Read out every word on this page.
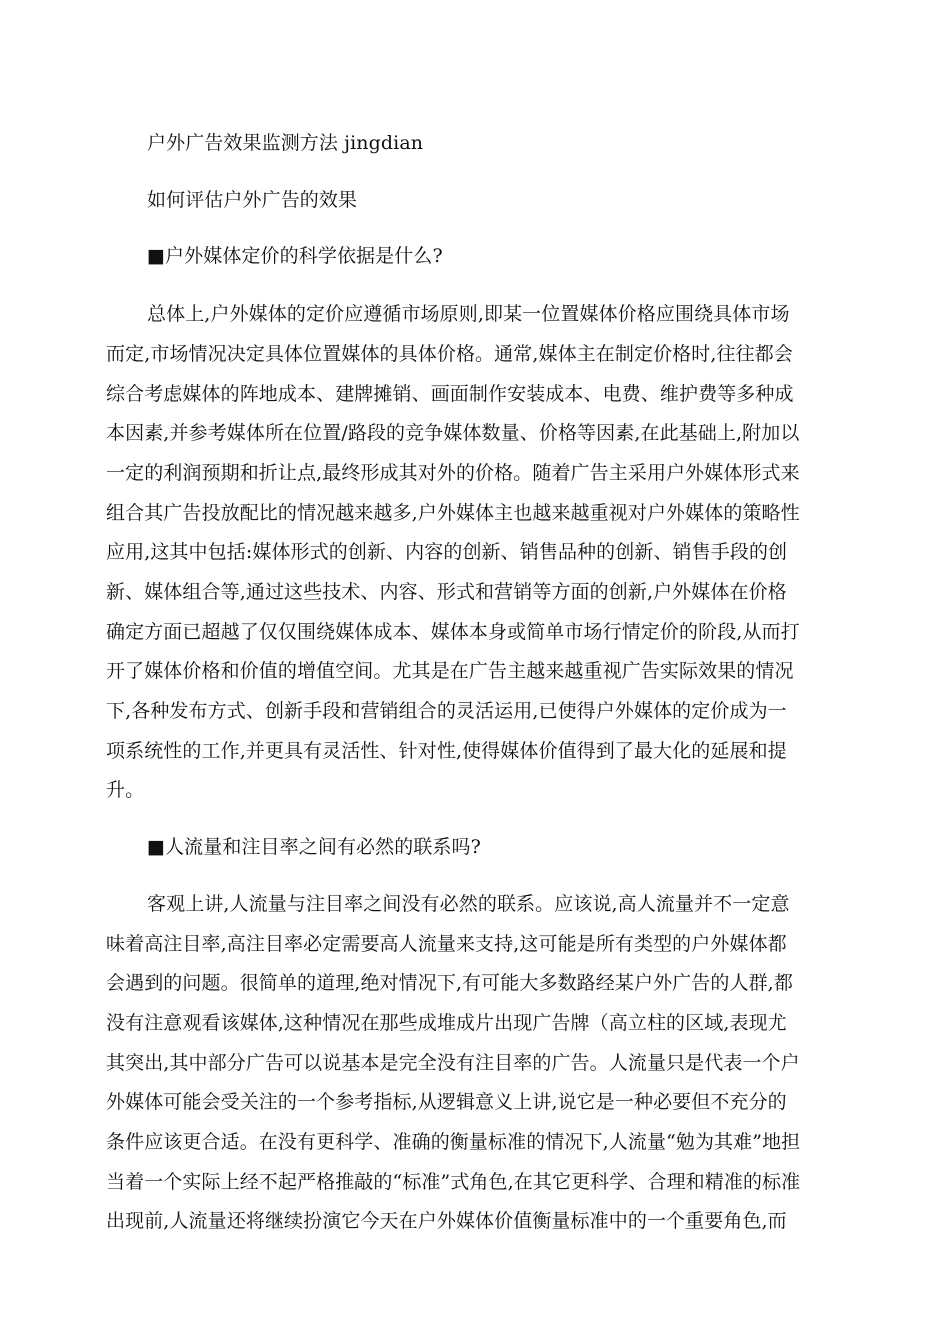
户外广告效果监测方法 jingdian
如何评估户外广告的效果
■户外媒体定价的科学依据是什么?
总体上,户外媒体的定价应遵循市场原则,即某一位置媒体价格应围绕具体市场
而定,市场情况决定具体位置媒体的具体价格。通常,媒体主在制定价格时,往往都会
综合考虑媒体的阵地成本、建牌摊销、画面制作安装成本、电费、维护费等多种成
本因素,并参考媒体所在位置/路段的竞争媒体数量、价格等因素,在此基础上,附加以
一定的利润预期和折让点,最终形成其对外的价格。随着广告主采用户外媒体形式来
组合其广告投放配比的情况越来越多,户外媒体主也越来越重视对户外媒体的策略性
应用,这其中包括:媒体形式的创新、内容的创新、销售品种的创新、销售手段的创
新、媒体组合等,通过这些技术、内容、形式和营销等方面的创新,户外媒体在价格
确定方面已超越了仅仅围绕媒体成本、媒体本身或简单市场行情定价的阶段,从而打
开了媒体价格和价值的增值空间。尤其是在广告主越来越重视广告实际效果的情况
下,各种发布方式、创新手段和营销组合的灵活运用,已使得户外媒体的定价成为一
项系统性的工作,并更具有灵活性、针对性,使得媒体价值得到了最大化的延展和提
升。
■人流量和注目率之间有必然的联系吗?
客观上讲,人流量与注目率之间没有必然的联系。应该说,高人流量并不一定意
味着高注目率,高注目率必定需要高人流量来支持,这可能是所有类型的户外媒体都
会遇到的问题。很简单的道理,绝对情况下,有可能大多数路经某户外广告的人群,都
没有注意观看该媒体,这种情况在那些成堆成片出现广告牌（高立柱的区域,表现尤
其突出,其中部分广告可以说基本是完全没有注目率的广告。人流量只是代表一个户
外媒体可能会受关注的一个参考指标,从逻辑意义上讲,说它是一种必要但不充分的
条件应该更合适。在没有更科学、准确的衡量标准的情况下,人流量“勉为其难”地担
当着一个实际上经不起严格推敲的“标准”式角色,在其它更科学、合理和精准的标准
出现前,人流量还将继续扮演它今天在户外媒体价值衡量标准中的一个重要角色,而
